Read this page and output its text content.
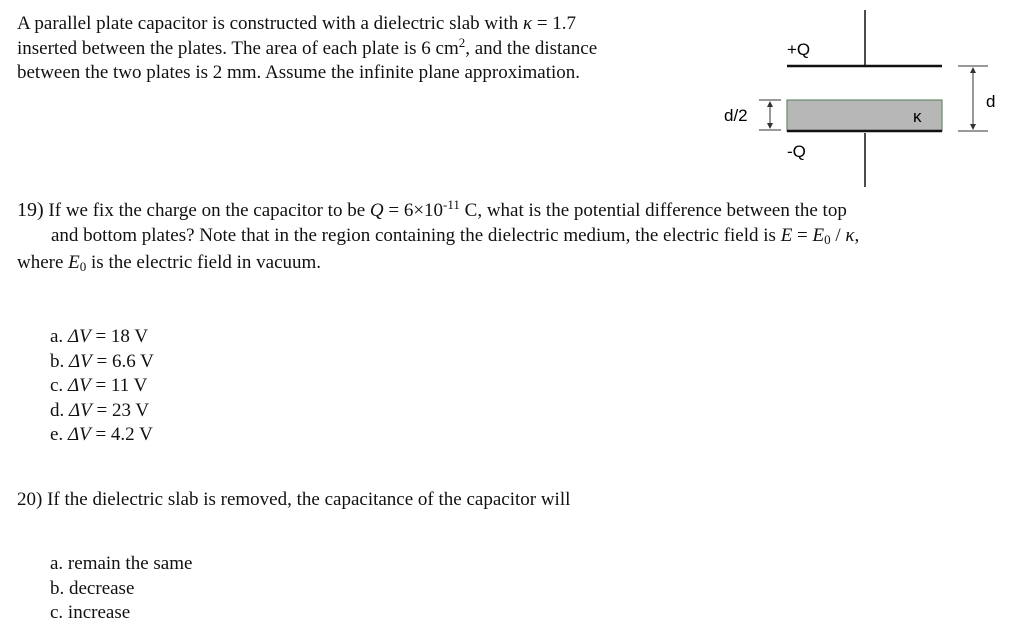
A parallel plate capacitor is constructed with a dielectric slab with κ = 1.7
inserted between the plates. The area of each plate is 6 $cm^2$, and the distance
between the two plates is 2 mm. Assume the infinite plane approximation.
+Q
-Q
d/2
d
κ
19) If we fix the charge on the capacitor to be $Q = 6\times 10^{-11}$ C, what is the potential difference between the top
and bottom plates? Note that in the region containing the dielectric medium, the electric field is $E = E_0 / \kappa$,
where $E_0$ is the electric field in vacuum.
a. ΔV = 18 V
b. ΔV = 6.6 V
c. ΔV = 11 V
d. ΔV = 23 V
e. ΔV = 4.2 V
20) If the dielectric slab is removed, the capacitance of the capacitor will
a. remain the same
b. decrease
c. increase
